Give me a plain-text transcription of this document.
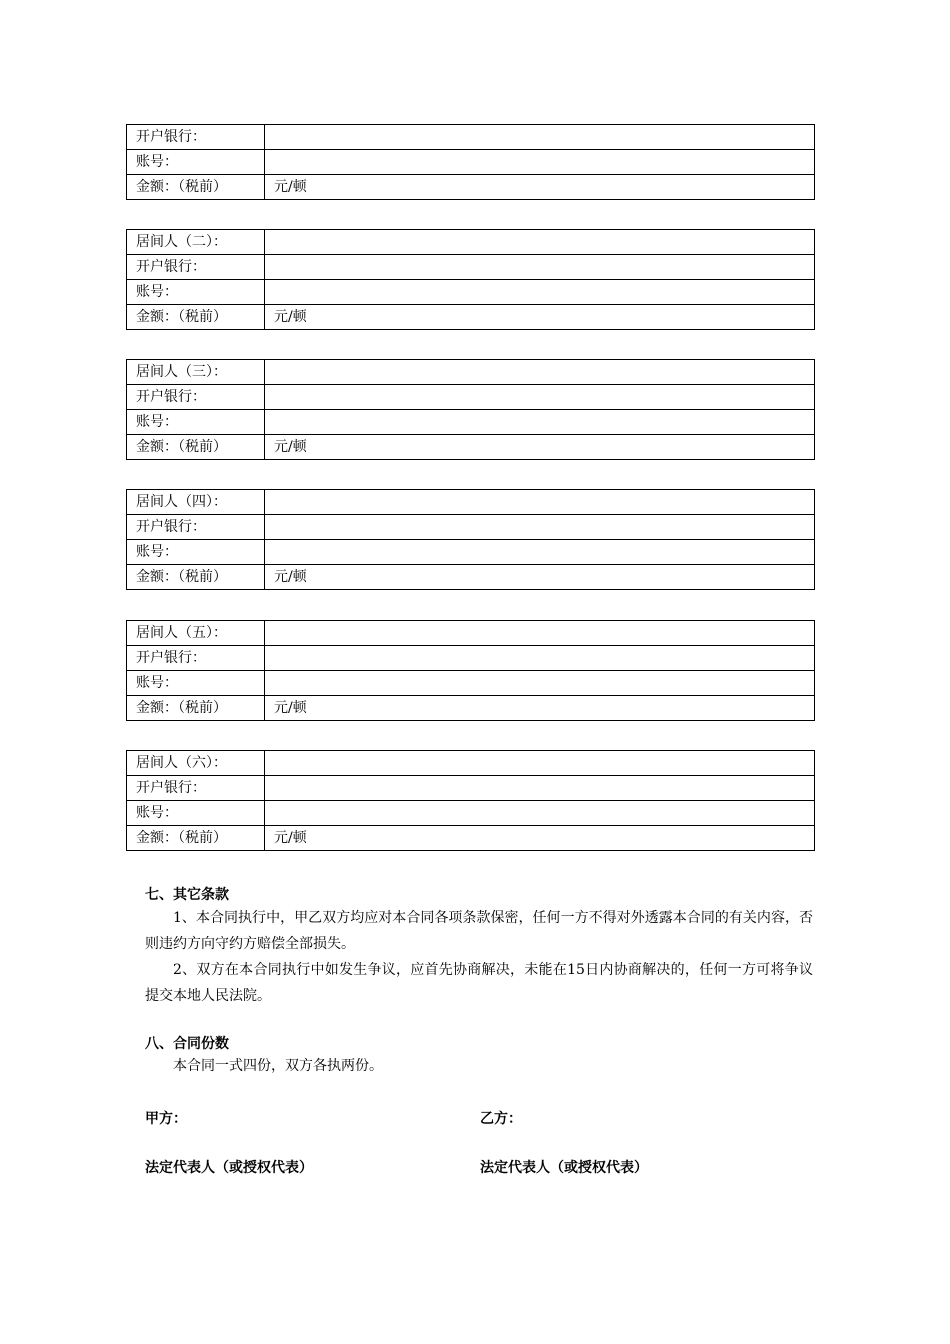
开户银行：	
账号：	
金额：（税前）	元/顿
居间人（二）：	
开户银行：	
账号：	
金额：（税前）	元/顿
居间人（三）：	
开户银行：	
账号：	
金额：（税前）	元/顿
居间人（四）：	
开户银行：	
账号：	
金额：（税前）	元/顿
居间人（五）：	
开户银行：	
账号：	
金额：（税前）	元/顿
居间人（六）：	
开户银行：	
账号：	
金额：（税前）	元/顿
七、其它条款

1、本合同执行中，甲乙双方均应对本合同各项条款保密，任何一方不得对外透露本合同的有关内容，否则违约方向守约方赔偿全部损失。

2、双方在本合同执行中如发生争议，应首先协商解决，未能在15日内协商解决的，任何一方可将争议提交本地人民法院。

八、合同份数

本合同一式四份，双方各执两份。

甲方：	乙方：
法定代表人（或授权代表）	法定代表人（或授权代表）
